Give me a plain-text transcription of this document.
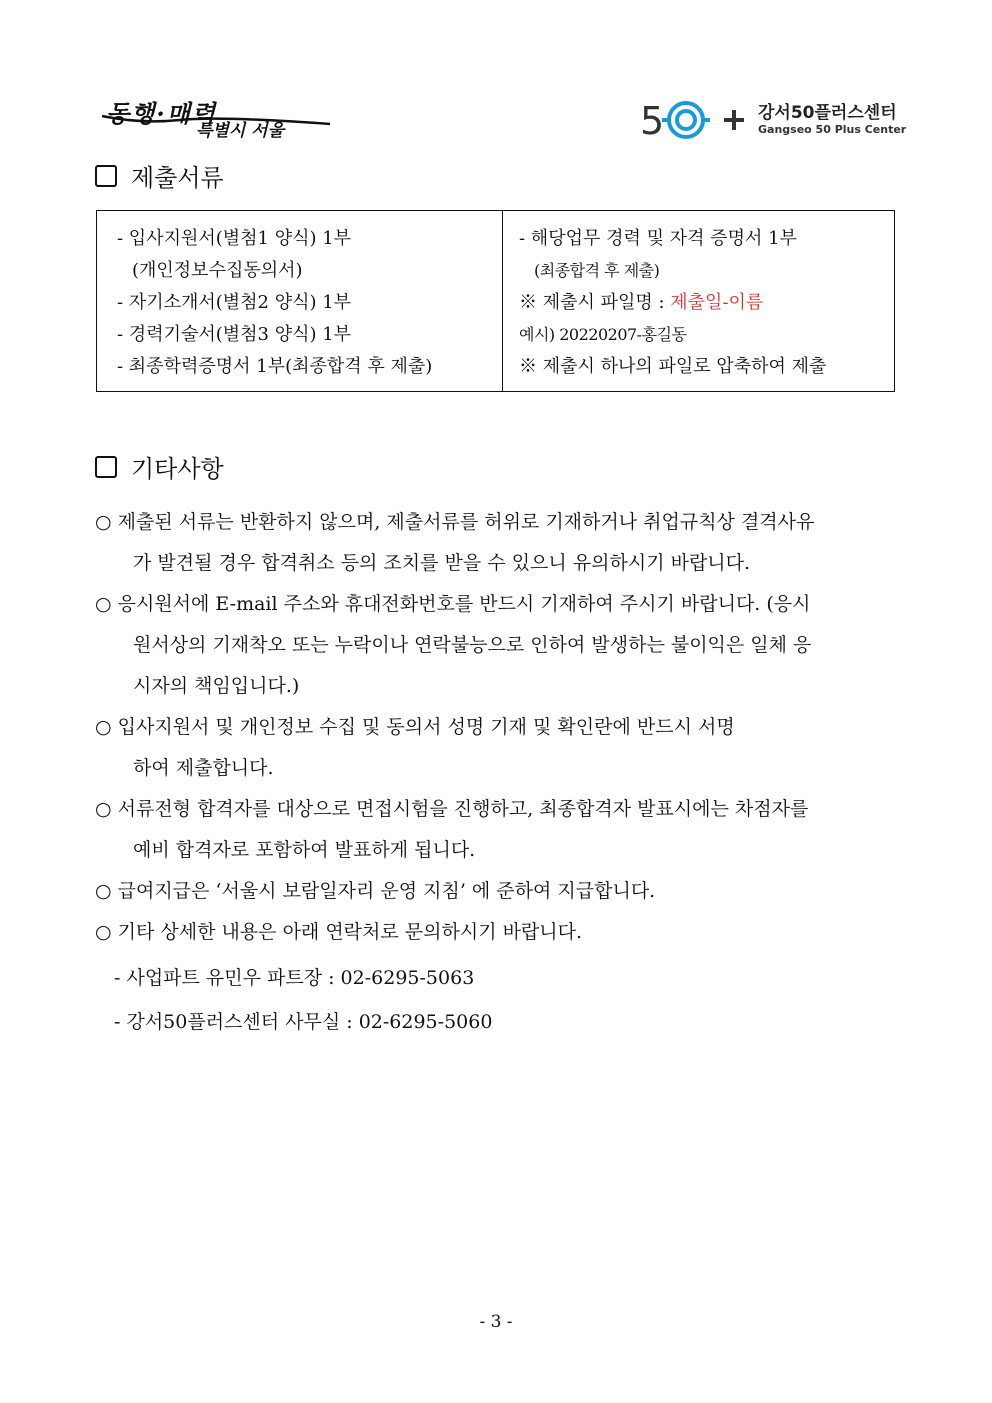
동행·매력
특별시 서울	5	강서50플러스센터
Gangseo 50 Plus Center
제출서류
- 입사지원서(별첨1 양식) 1부
(개인정보수집동의서)
- 자기소개서(별첨2 양식) 1부
- 경력기술서(별첨3 양식) 1부
- 최종학력증명서 1부(최종합격 후 제출)

- 해당업무 경력 및 자격 증명서 1부
(최종합격 후 제출)
※ 제출시 파일명 : 제출일-이름
예시) 20220207-홍길동
※ 제출시 하나의 파일로 압축하여 제출
기타사항
○ 제출된 서류는 반환하지 않으며, 제출서류를 허위로 기재하거나 취업규칙상 결격사유
가 발견될 경우 합격취소 등의 조치를 받을 수 있으니 유의하시기 바랍니다.
○ 응시원서에 E-mail 주소와 휴대전화번호를 반드시 기재하여 주시기 바랍니다. (응시
원서상의 기재착오 또는 누락이나 연락불능으로 인하여 발생하는 불이익은 일체 응
시자의 책임입니다.)
○ 입사지원서 및 개인정보 수집 및 동의서 성명 기재 및 확인란에 반드시 서명
하여 제출합니다.
○ 서류전형 합격자를 대상으로 면접시험을 진행하고, 최종합격자 발표시에는 차점자를
예비 합격자로 포함하여 발표하게 됩니다.
○ 급여지급은 ‘서울시 보람일자리 운영 지침’ 에 준하여 지급합니다.
○ 기타 상세한 내용은 아래 연락처로 문의하시기 바랍니다.
- 사업파트 유민우 파트장 : 02-6295-5063
- 강서50플러스센터 사무실 : 02-6295-5060
- 3 -
